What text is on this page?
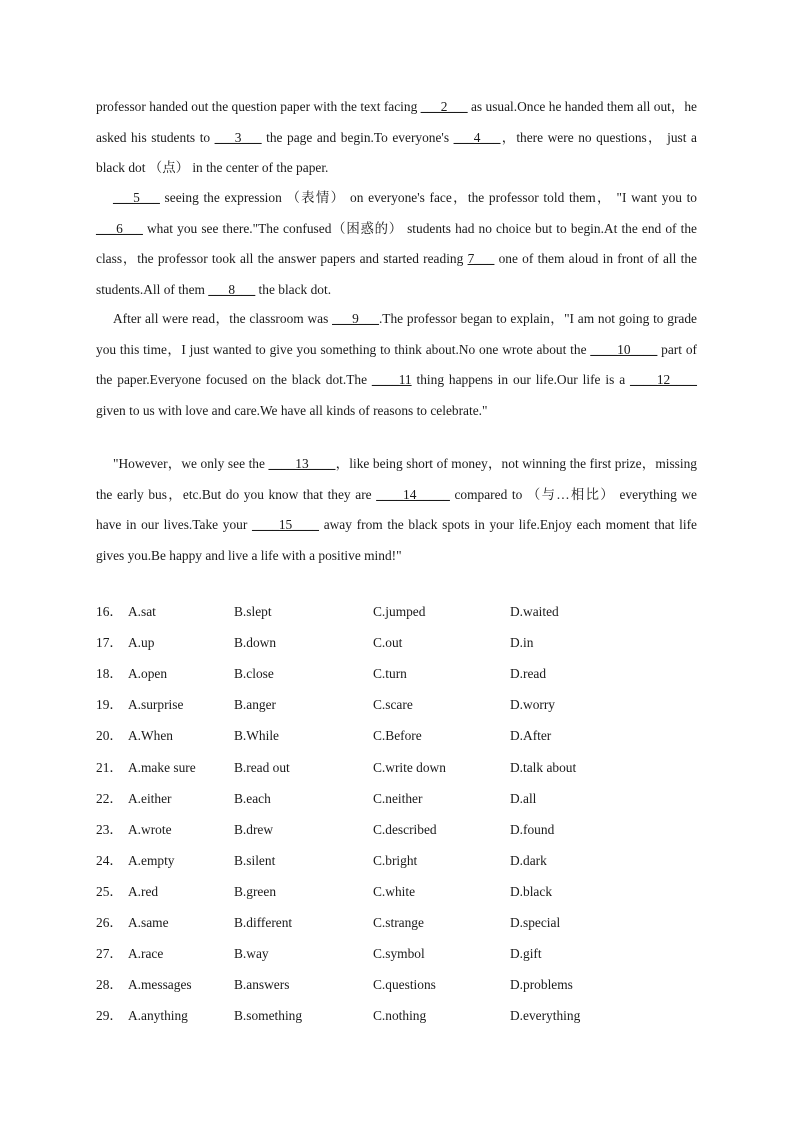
professor handed out the question paper with the text facing ___2___ as usual.Once he handed them all out，he asked his students to ___3___ the page and begin.To everyone's ___4___，there were no questions， just a black dot （点） in the center of the paper.

___5___ seeing the expression （表情） on everyone's face，the professor told them， "I want you to ___6___ what you see there."The confused（困惑的） students had no choice but to begin.At the end of the class，the professor took all the answer papers and started reading 7___ one of them aloud in front of all the students.All of them ___8___ the black dot.

After all were read，the classroom was ___9___.The professor began to explain，"I am not going to grade you this time，I just wanted to give you something to think about.No one wrote about the ____10____ part of the paper.Everyone focused on the black dot.The ____11 thing happens in our life.Our life is a ____12____ given to us with love and care.We have all kinds of reasons to celebrate."

"However，we only see the ____13____，like being short of money，not winning the first prize，missing the early bus，etc.But do you know that they are ____14_____ compared to （与…相比） everything we have in our lives.Take your ____15____ away from the black spots in your life.Enjoy each moment that life gives you.Be happy and live a life with a positive mind!"

16． A.sat	B.slept	C.jumped	D.waited
17． A.up	B.down	C.out	D.in
18． A.open	B.close	C.turn	D.read
19． A.surprise	B.anger	C.scare	D.worry
20． A.When	B.While	C.Before	D.After
21． A.make sure	B.read out	C.write down	D.talk about
22． A.either	B.each	C.neither	D.all
23． A.wrote	B.drew	C.described	D.found
24． A.empty	B.silent	C.bright	D.dark
25． A.red	B.green	C.white	D.black
26． A.same	B.different	C.strange	D.special
27． A.race	B.way	C.symbol	D.gift
28． A.messages	B.answers	C.questions	D.problems
29． A.anything	B.something	C.nothing	D.everything
